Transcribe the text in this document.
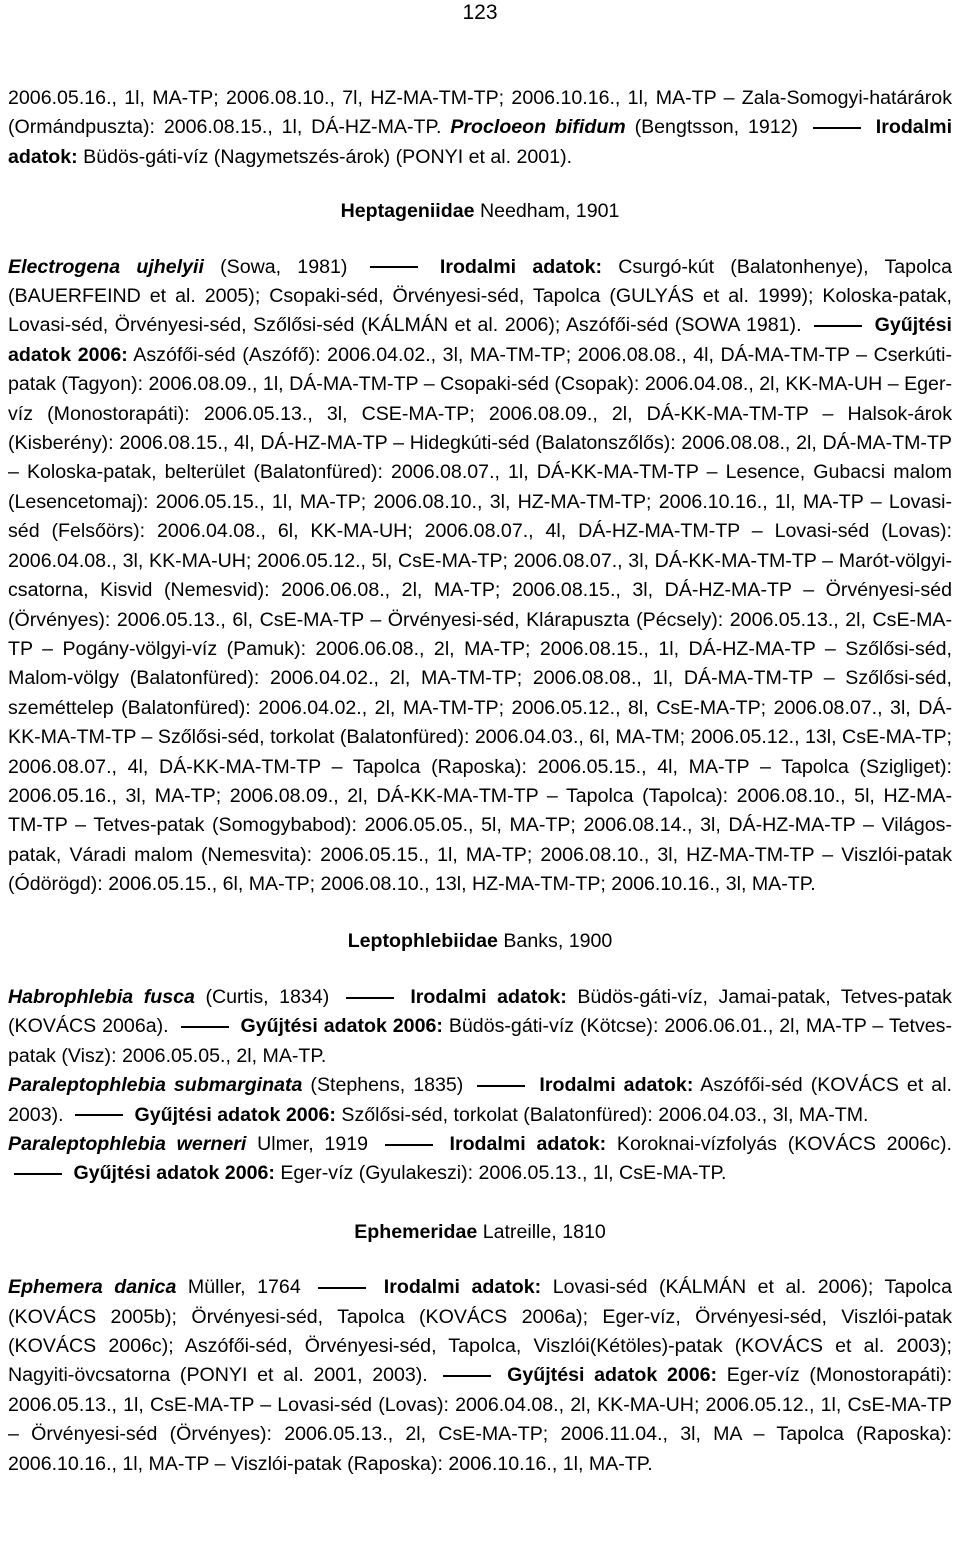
123

2006.05.16., 1l, MA-TP; 2006.08.10., 7l, HZ-MA-TM-TP; 2006.10.16., 1l, MA-TP – Zala-Somogyi-határárok (Ormándpuszta): 2006.08.15., 1l, DÁ-HZ-MA-TP. Procloeon bifidum (Bengtsson, 1912)	Irodalmi adatok: Büdös-gáti-víz (Nagymetszés-árok) (PONYI et al. 2001).

Heptageniidae Needham, 1901

Electrogena ujhelyii (Sowa, 1981)	Irodalmi adatok: Csurgó-kút (Balatonhenye), Tapolca (BAUERFEIND et al. 2005); Csopaki-séd, Örvényesi-séd, Tapolca (GULYÁS et al. 1999); Koloska-patak, Lovasi-séd, Örvényesi-séd, Szőlősi-séd (KÁLMÁN et al. 2006); Aszófői-séd (SOWA 1981).	Gyűjtési adatok 2006: Aszófői-séd (Aszófő): 2006.04.02., 3l, MA-TM-TP; 2006.08.08., 4l, DÁ-MA-TM-TP – Cserkúti-patak (Tagyon): 2006.08.09., 1l, DÁ-MA-TM-TP – Csopaki-séd (Csopak): 2006.04.08., 2l, KK-MA-UH – Eger-víz (Monostorapáti): 2006.05.13., 3l, CSE-MA-TP; 2006.08.09., 2l, DÁ-KK-MA-TM-TP – Halsok-árok (Kisberény): 2006.08.15., 4l, DÁ-HZ-MA-TP – Hidegkúti-séd (Balatonszőlős): 2006.08.08., 2l, DÁ-MA-TM-TP – Koloska-patak, belterület (Balatonfüred): 2006.08.07., 1l, DÁ-KK-MA-TM-TP – Lesence, Gubacsi malom (Lesencetomaj): 2006.05.15., 1l, MA-TP; 2006.08.10., 3l, HZ-MA-TM-TP; 2006.10.16., 1l, MA-TP – Lovasi-séd (Felsőörs): 2006.04.08., 6l, KK-MA-UH; 2006.08.07., 4l, DÁ-HZ-MA-TM-TP – Lovasi-séd (Lovas): 2006.04.08., 3l, KK-MA-UH; 2006.05.12., 5l, CsE-MA-TP; 2006.08.07., 3l, DÁ-KK-MA-TM-TP – Marót-völgyi-csatorna, Kisvid (Nemesvid): 2006.06.08., 2l, MA-TP; 2006.08.15., 3l, DÁ-HZ-MA-TP – Örvényesi-séd (Örvényes): 2006.05.13., 6l, CsE-MA-TP – Örvényesi-séd, Klárapuszta (Pécsely): 2006.05.13., 2l, CsE-MA-TP – Pogány-völgyi-víz (Pamuk): 2006.06.08., 2l, MA-TP; 2006.08.15., 1l, DÁ-HZ-MA-TP – Szőlősi-séd, Malom-völgy (Balatonfüred): 2006.04.02., 2l, MA-TM-TP; 2006.08.08., 1l, DÁ-MA-TM-TP – Szőlősi-séd, szeméttelep (Balatonfüred): 2006.04.02., 2l, MA-TM-TP; 2006.05.12., 8l, CsE-MA-TP; 2006.08.07., 3l, DÁ-KK-MA-TM-TP – Szőlősi-séd, torkolat (Balatonfüred): 2006.04.03., 6l, MA-TM; 2006.05.12., 13l, CsE-MA-TP; 2006.08.07., 4l, DÁ-KK-MA-TM-TP – Tapolca (Raposka): 2006.05.15., 4l, MA-TP – Tapolca (Szigliget): 2006.05.16., 3l, MA-TP; 2006.08.09., 2l, DÁ-KK-MA-TM-TP – Tapolca (Tapolca): 2006.08.10., 5l, HZ-MA-TM-TP – Tetves-patak (Somogybabod): 2006.05.05., 5l, MA-TP; 2006.08.14., 3l, DÁ-HZ-MA-TP – Világos-patak, Váradi malom (Nemesvita): 2006.05.15., 1l, MA-TP; 2006.08.10., 3l, HZ-MA-TM-TP – Viszlói-patak (Ódörögd): 2006.05.15., 6l, MA-TP; 2006.08.10., 13l, HZ-MA-TM-TP; 2006.10.16., 3l, MA-TP.

Leptophlebiidae Banks, 1900

Habrophlebia fusca (Curtis, 1834)	Irodalmi adatok: Büdös-gáti-víz, Jamai-patak, Tetves-patak (KOVÁCS 2006a).	Gyűjtési adatok 2006: Büdös-gáti-víz (Kötcse): 2006.06.01., 2l, MA-TP – Tetves-patak (Visz): 2006.05.05., 2l, MA-TP.

Paraleptophlebia submarginata (Stephens, 1835)	Irodalmi adatok: Aszófői-séd (KOVÁCS et al. 2003).	Gyűjtési adatok 2006: Szőlősi-séd, torkolat (Balatonfüred): 2006.04.03., 3l, MA-TM.

Paraleptophlebia werneri Ulmer, 1919	Irodalmi adatok: Koroknai-vízfolyás (KOVÁCS 2006c).  Gyűjtési adatok 2006: Eger-víz (Gyulakeszi): 2006.05.13., 1l, CsE-MA-TP.

Ephemeridae Latreille, 1810

Ephemera danica Müller, 1764	Irodalmi adatok: Lovasi-séd (KÁLMÁN et al. 2006); Tapolca (KOVÁCS 2005b); Örvényesi-séd, Tapolca (KOVÁCS 2006a); Eger-víz, Örvényesi-séd, Viszlói-patak (KOVÁCS 2006c); Aszófői-séd, Örvényesi-séd, Tapolca, Viszlói(Kétöles)-patak (KOVÁCS et al. 2003); Nagyiti-övcsatorna (PONYI et al. 2001, 2003).	Gyűjtési adatok 2006: Eger-víz (Monostorapáti): 2006.05.13., 1l, CsE-MA-TP – Lovasi-séd (Lovas): 2006.04.08., 2l, KK-MA-UH; 2006.05.12., 1l, CsE-MA-TP – Örvényesi-séd (Örvényes): 2006.05.13., 2l, CsE-MA-TP; 2006.11.04., 3l, MA – Tapolca (Raposka): 2006.10.16., 1l, MA-TP – Viszlói-patak (Raposka): 2006.10.16., 1l, MA-TP.
